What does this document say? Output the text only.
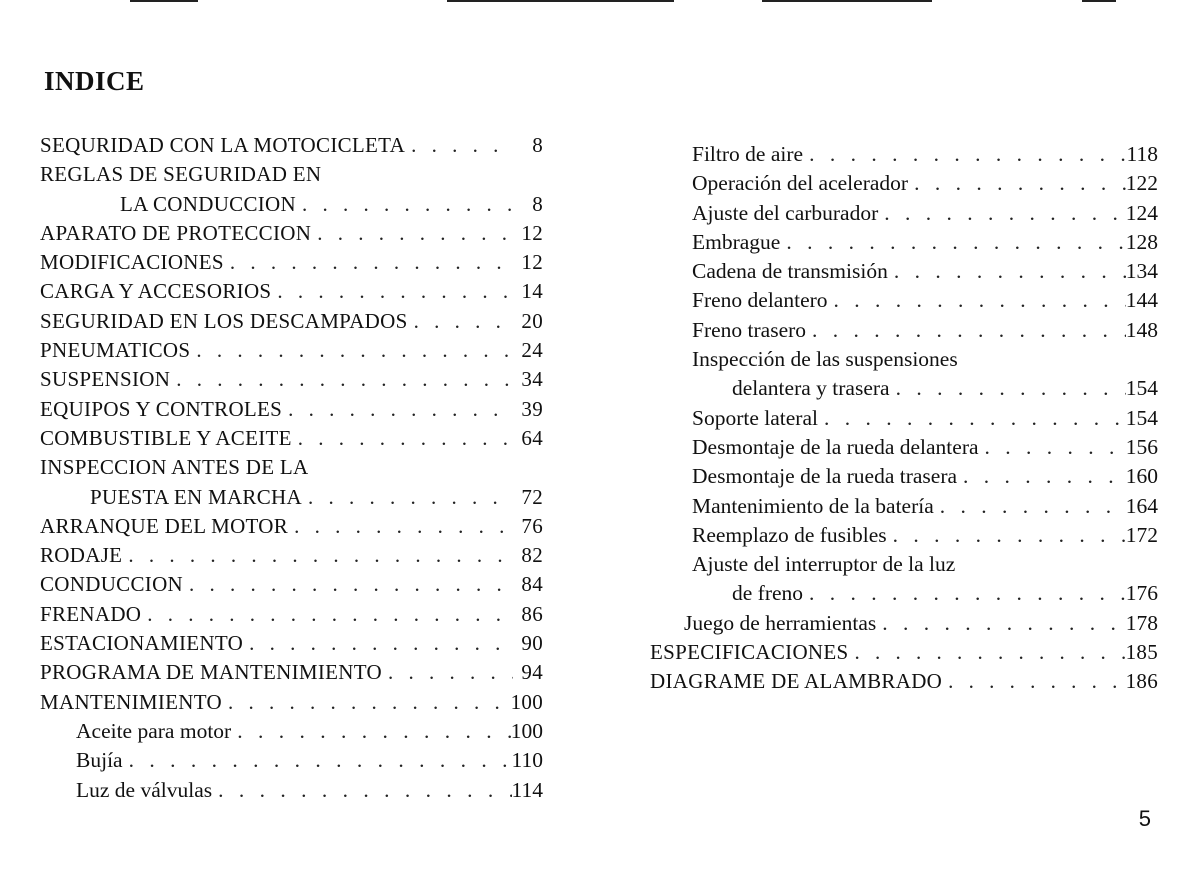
INDICE
SEQURIDAD CON LA MOTOCICLETA . . .	8
REGLAS DE SEGURIDAD EN
LA CONDUCCION . . .	8
APARATO DE PROTECCION . . .	12
MODIFICACIONES . . .	12
CARGA Y ACCESORIOS . . .	14
SEGURIDAD EN LOS DESCAMPADOS . . .	20
PNEUMATICOS . . .	24
SUSPENSION . . .	34
EQUIPOS Y CONTROLES . . .	39
COMBUSTIBLE Y ACEITE . . .	64
INSPECCION ANTES DE LA
PUESTA EN MARCHA . . .	72
ARRANQUE DEL MOTOR . . .	76
RODAJE . . .	82
CONDUCCION . . .	84
FRENADO . . .	86
ESTACIONAMIENTO . . .	90
PROGRAMA DE MANTENIMIENTO . . .	94
MANTENIMIENTO . . .	100
Aceite para motor . . .	100
Bujía . . .	110
Luz de válvulas . . .	114
Filtro de aire . . .	118
Operación del acelerador . . .	122
Ajuste del carburador . . .	124
Embrague . . .	128
Cadena de transmisión . . .	134
Freno delantero . . .	144
Freno trasero . . .	148
Inspección de las suspensiones
delantera y trasera . . .	154
Soporte lateral . . .	154
Desmontaje de la rueda delantera . . .	156
Desmontaje de la rueda trasera . . .	160
Mantenimiento de la batería . . .	164
Reemplazo de fusibles . . .	172
Ajuste del interruptor de la luz
de freno . . .	176
Juego de herramientas . . .	178
ESPECIFICACIONES . . .	185
DIAGRAME DE ALAMBRADO . . .	186
5
